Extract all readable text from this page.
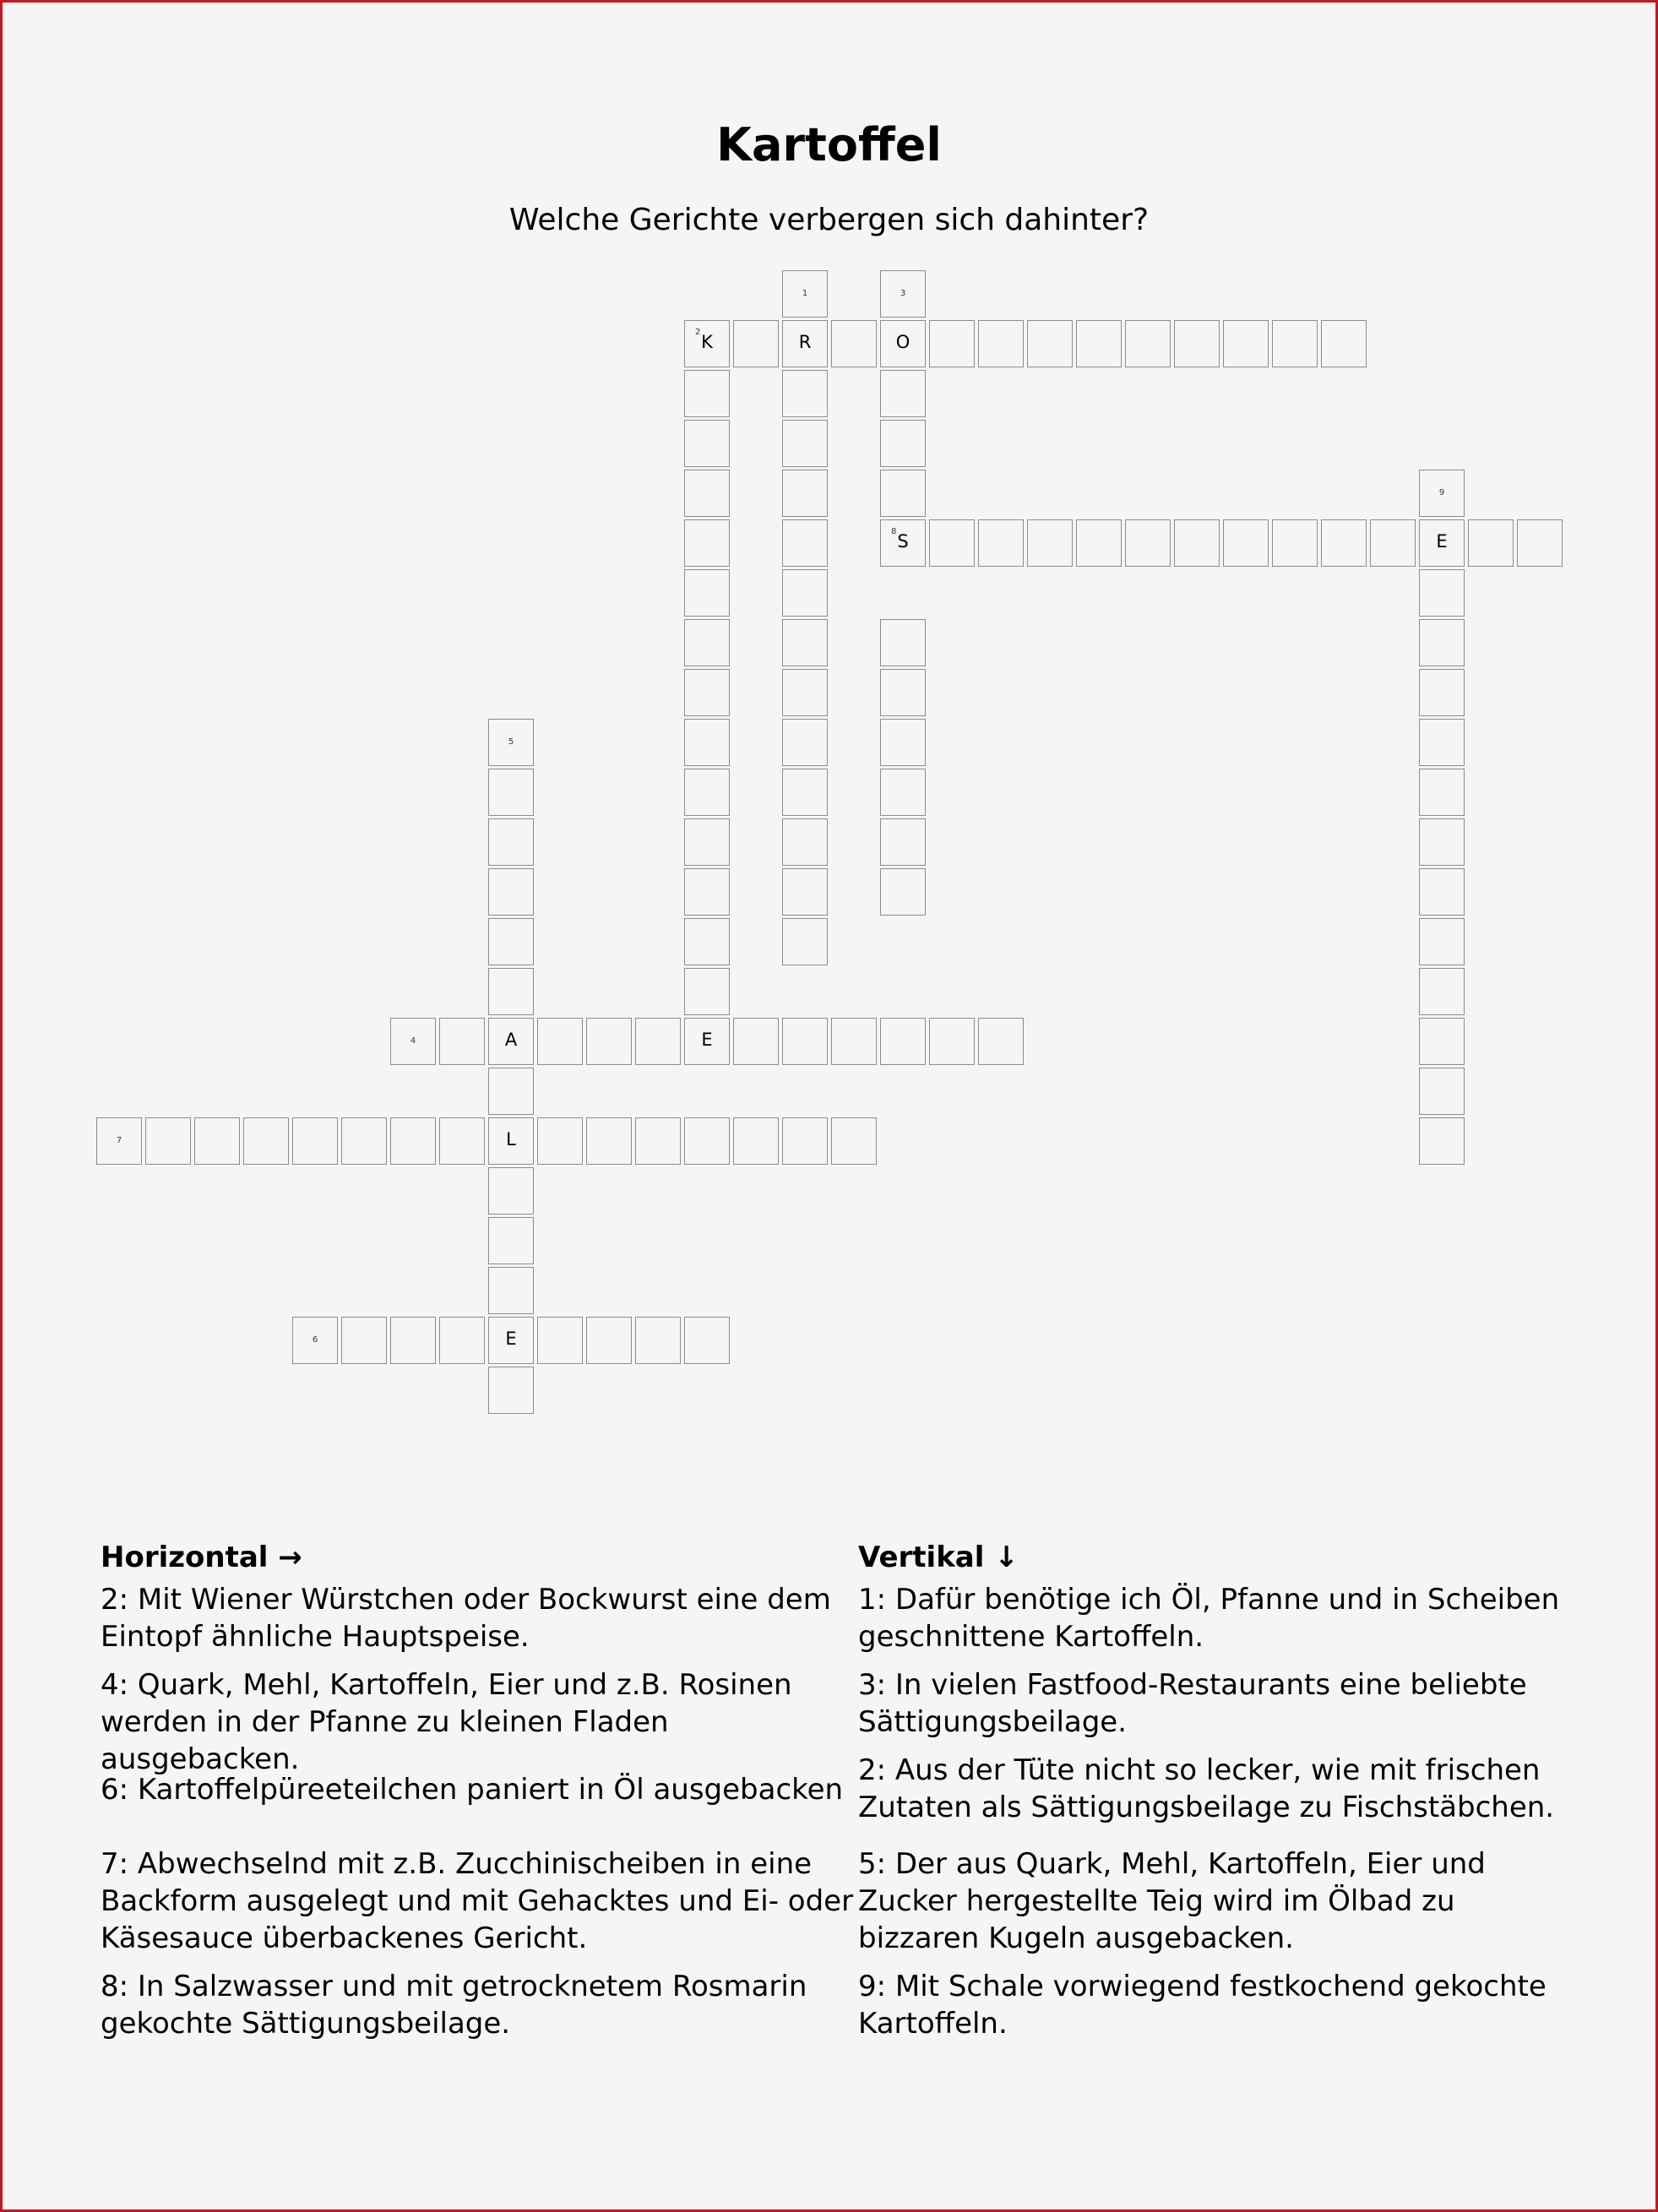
Kartoffel
Welche Gerichte verbergen sich dahinter?
2 K	R	O
8 S	E
4	A	E
7	L
6	E
1	3
9
5
Horizontal →

2: Mit Wiener Würstchen oder Bockwurst eine dem Eintopf ähnliche Hauptspeise.

4: Quark, Mehl, Kartoffeln, Eier und z.B. Rosinen werden in der Pfanne zu kleinen Fladen ausgebacken.

6: Kartoffelpüreeteilchen paniert in Öl ausgebacken

7: Abwechselnd mit z.B. Zucchinischeiben in eine Backform ausgelegt und mit Gehacktes und Ei- oder Käsesauce überbackenes Gericht.

8: In Salzwasser und mit getrocknetem Rosmarin gekochte Sättigungsbeilage.

Vertikal ↓

1: Dafür benötige ich Öl, Pfanne und in Scheiben geschnittene Kartoffeln.

3: In vielen Fastfood-Restaurants eine beliebte Sättigungsbeilage.

2: Aus der Tüte nicht so lecker, wie mit frischen Zutaten als Sättigungsbeilage zu Fischstäbchen.

5: Der aus Quark, Mehl, Kartoffeln, Eier und Zucker hergestellte Teig wird im Ölbad zu bizzaren Kugeln ausgebacken.

9: Mit Schale vorwiegend festkochend gekochte Kartoffeln.
